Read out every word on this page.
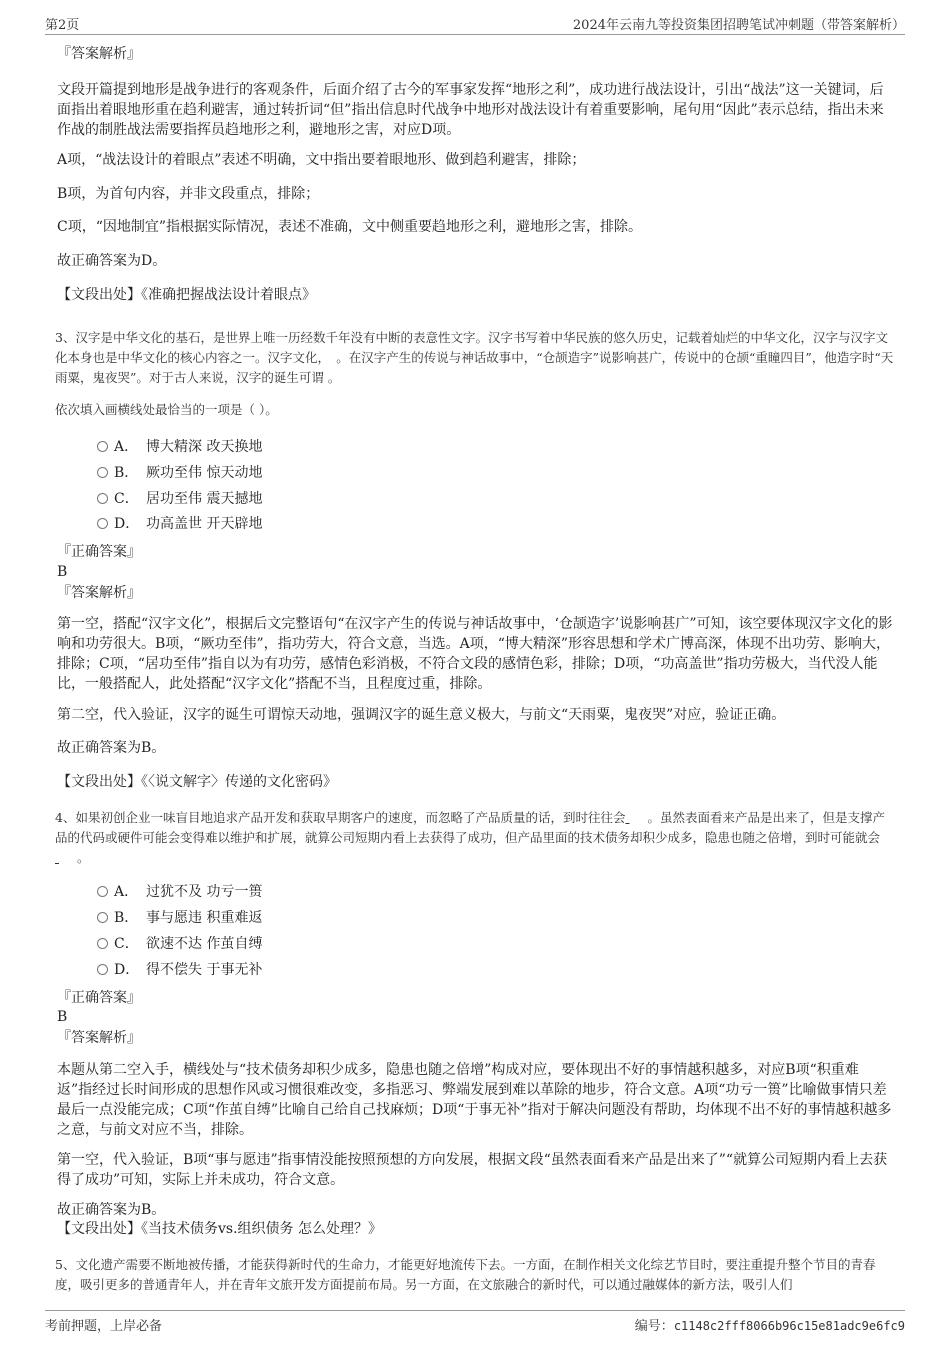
第2页	2024年云南九等投资集团招聘笔试冲刺题（带答案解析）
『答案解析』
文段开篇提到地形是战争进行的客观条件，后面介绍了古今的军事家发挥“地形之利”，成功进行战法设计，引出“战法”这一关键词，后面指出着眼地形重在趋利避害，通过转折词“但”指出信息时代战争中地形对战法设计有着重要影响，尾句用“因此”表示总结，指出未来作战的制胜战法需要指挥员趋地形之利，避地形之害，对应D项。
A项，“战法设计的着眼点”表述不明确，文中指出要着眼地形、做到趋利避害，排除；
B项，为首句内容，并非文段重点，排除；
C项，“因地制宜”指根据实际情况，表述不准确，文中侧重要趋地形之利，避地形之害，排除。
故正确答案为D。
【文段出处】《准确把握战法设计着眼点》
3、汉字是中华文化的基石，是世界上唯一历经数千年没有中断的表意性文字。汉字书写着中华民族的悠久历史，记载着灿烂的中华文化，汉字与汉字文化本身也是中华文化的核心内容之一。汉字文化，　。在汉字产生的传说与神话故事中，“仓颉造字”说影响甚广，传说中的仓颉“重瞳四目”，他造字时“天雨粟，鬼夜哭”。对于古人来说，汉字的诞生可谓 。
依次填入画横线处最恰当的一项是（ ）。
A． 博大精深 改天换地
B． 厥功至伟 惊天动地
C． 居功至伟 震天撼地
D． 功高盖世 开天辟地
『正确答案』
B
『答案解析』
第一空，搭配“汉字文化”，根据后文完整语句“在汉字产生的传说与神话故事中，‘仓颉造字’说影响甚广”可知，该空要体现汉字文化的影响和功劳很大。B项，“厥功至伟”，指功劳大，符合文意，当选。A项，“博大精深”形容思想和学术广博高深，体现不出功劳、影响大，排除；C项，“居功至伟”指自以为有功劳，感情色彩消极，不符合文段的感情色彩，排除；D项，“功高盖世”指功劳极大，当代没人能比，一般搭配人，此处搭配“汉字文化”搭配不当，且程度过重，排除。
第二空，代入验证，汉字的诞生可谓惊天动地，强调汉字的诞生意义极大，与前文“天雨粟，鬼夜哭”对应，验证正确。
故正确答案为B。
【文段出处】《〈说文解字〉传递的文化密码》
4、如果初创企业一味盲目地追求产品开发和获取早期客户的速度，而忽略了产品质量的话，到时往往会 。虽然表面看来产品是出来了，但是支撑产品的代码或硬件可能会变得难以维护和扩展，就算公司短期内看上去获得了成功，但产品里面的技术债务却积少成多，隐患也随之倍增，到时可能就会 。
A． 过犹不及 功亏一篑
B． 事与愿违 积重难返
C． 欲速不达 作茧自缚
D． 得不偿失 于事无补
『正确答案』
B
『答案解析』
本题从第二空入手，横线处与“技术债务却积少成多，隐患也随之倍增”构成对应，要体现出不好的事情越积越多，对应B项“积重难返”指经过长时间形成的思想作风或习惯很难改变，多指恶习、弊端发展到难以革除的地步，符合文意。A项“功亏一篑”比喻做事情只差最后一点没能完成；C项“作茧自缚”比喻自己给自己找麻烦；D项“于事无补”指对于解决问题没有帮助，均体现不出不好的事情越积越多之意，与前文对应不当，排除。
第一空，代入验证，B项“事与愿违”指事情没能按照预想的方向发展，根据文段“虽然表面看来产品是出来了”“就算公司短期内看上去获得了成功”可知，实际上并未成功，符合文意。
故正确答案为B。
【文段出处】《当技术债务vs.组织债务 怎么处理？》
5、文化遗产需要不断地被传播，才能获得新时代的生命力，才能更好地流传下去。一方面，在制作相关文化综艺节目时，要注重提升整个节目的青春度，吸引更多的普通青年人，并在青年文旅开发方面提前布局。另一方面，在文旅融合的新时代，可以通过融媒体的新方法，吸引人们
考前押题，上岸必备	编号：c1148c2fff8066b96c15e81adc9e6fc9
